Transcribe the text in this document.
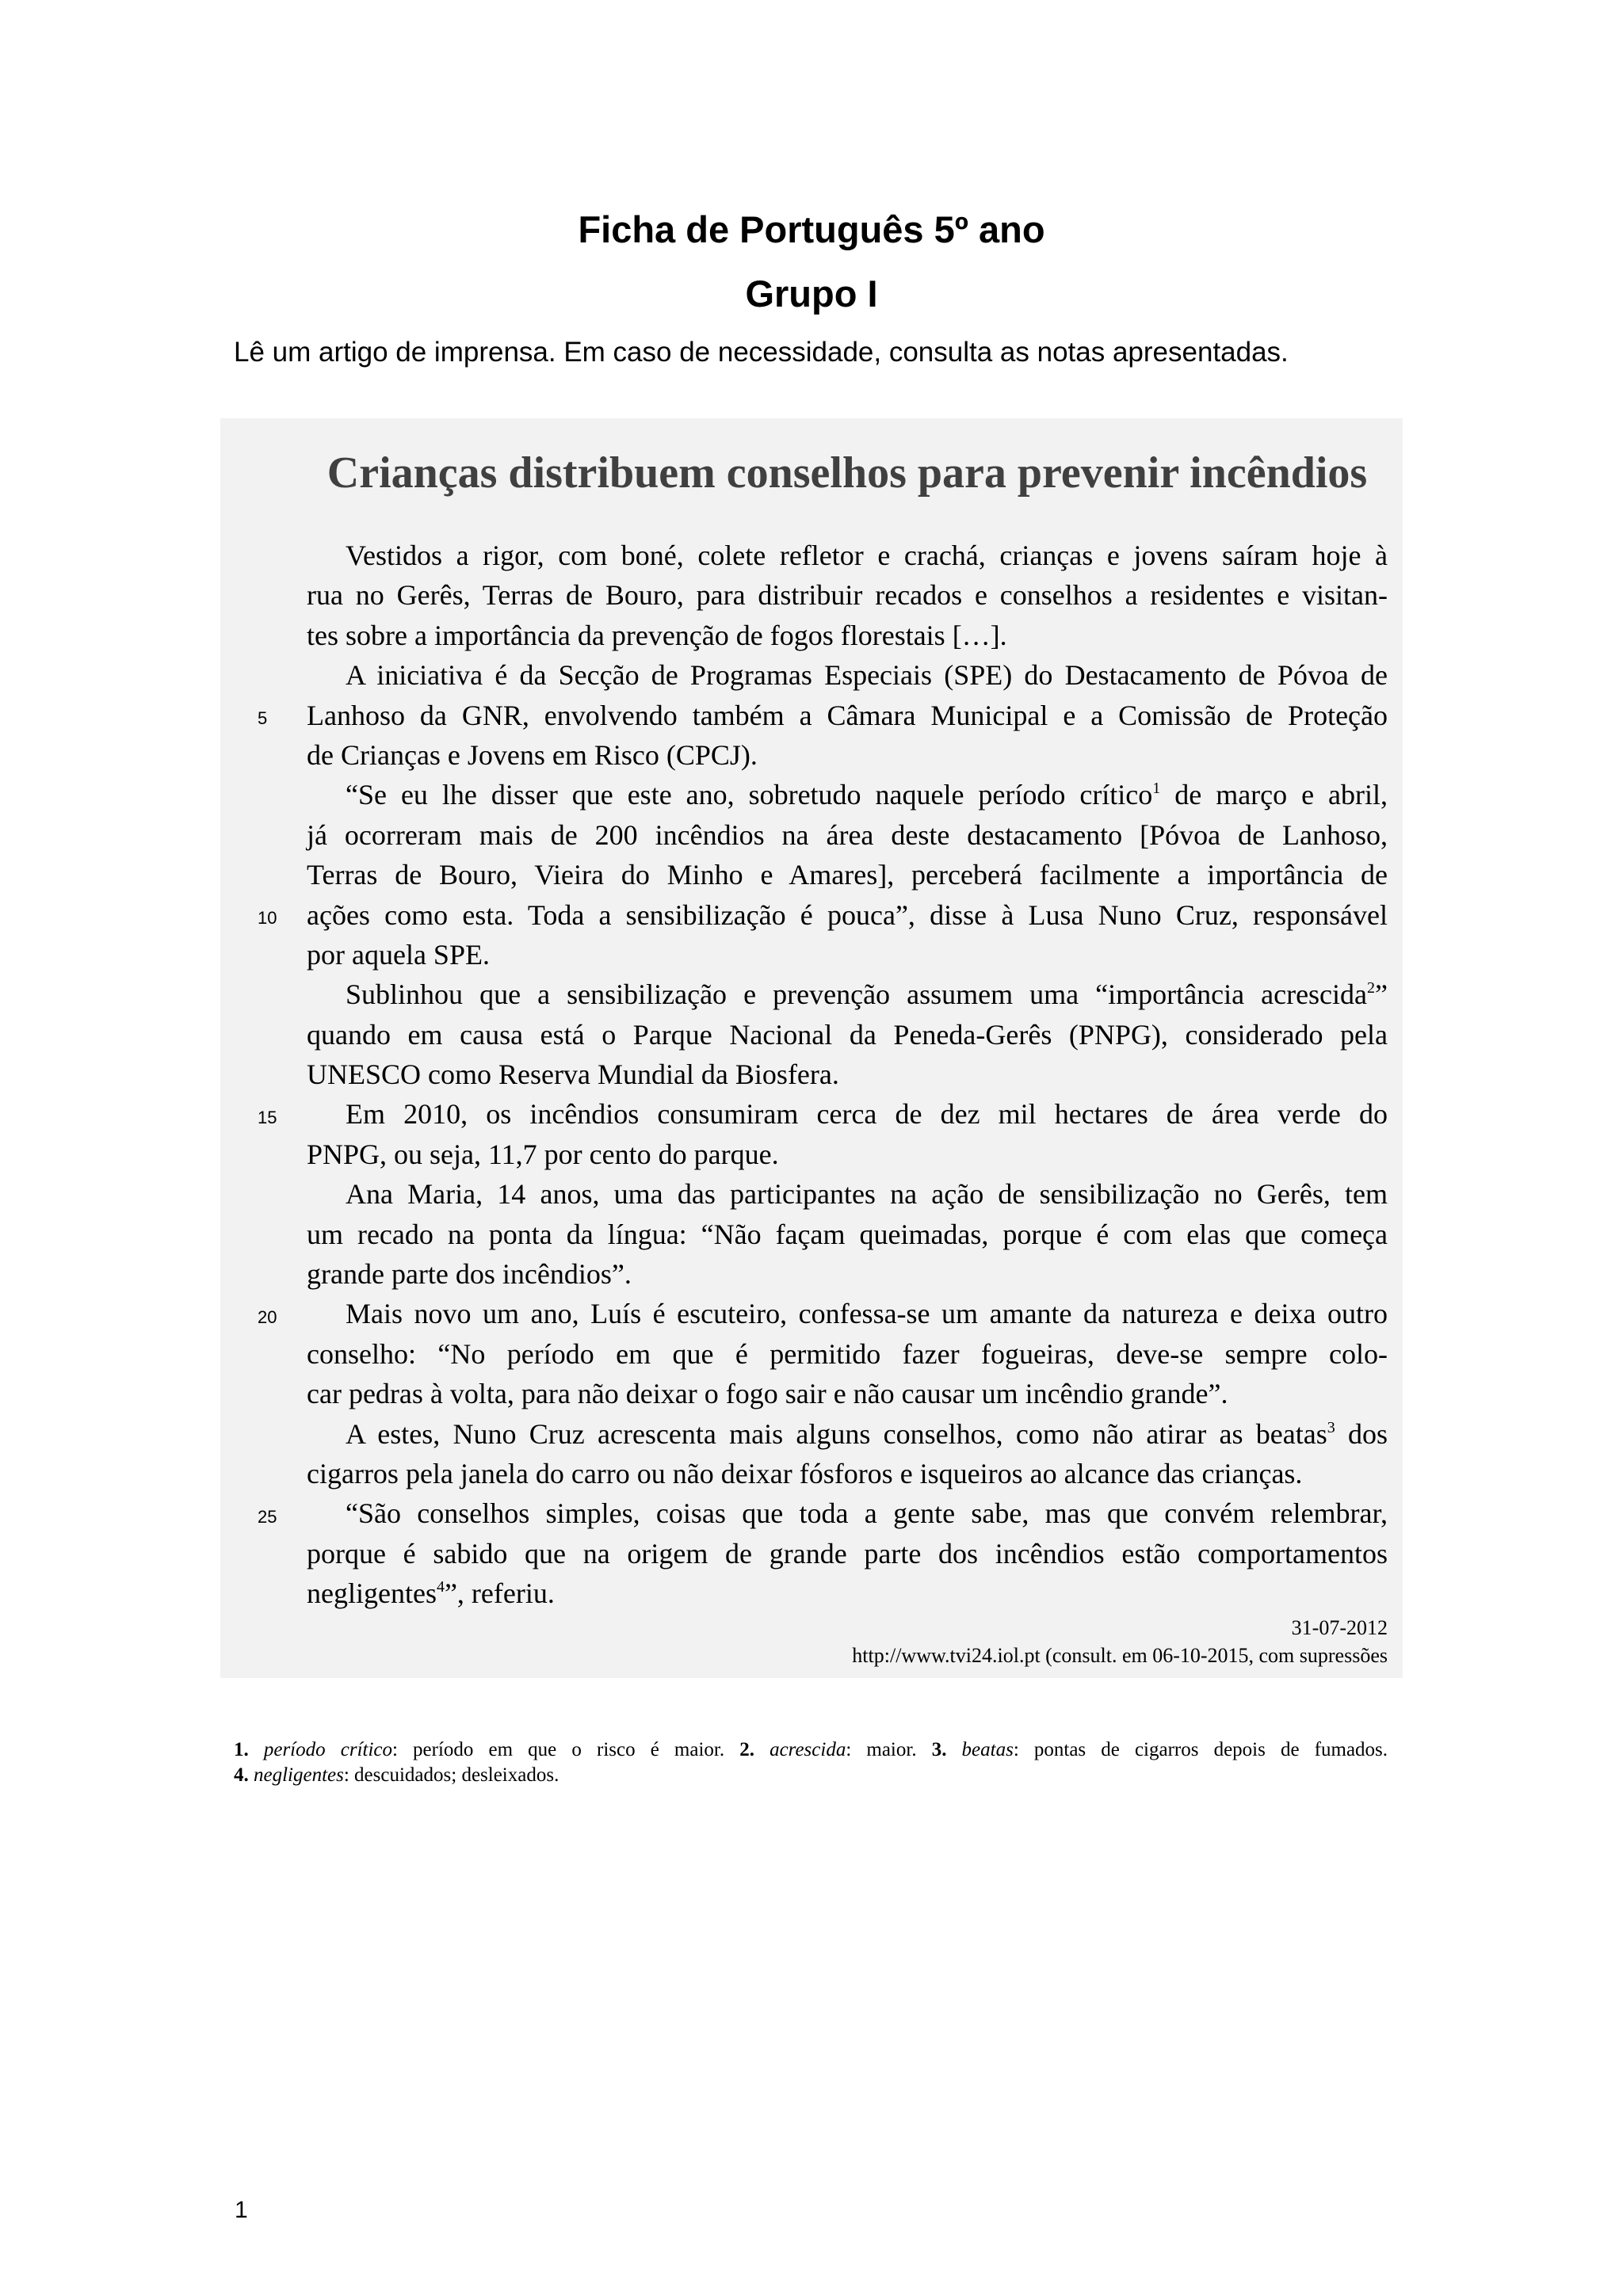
Ficha de Português 5º ano
Grupo I
Lê um artigo de imprensa. Em caso de necessidade, consulta as notas apresentadas.
Crianças distribuem conselhos para prevenir incêndios
Vestidos a rigor, com boné, colete refletor e crachá, crianças e jovens saíram hoje à
rua no Gerês, Terras de Bouro, para distribuir recados e conselhos a residentes e visitan-
tes sobre a importância da prevenção de fogos florestais […].
A iniciativa é da Secção de Programas Especiais (SPE) do Destacamento de Póvoa de
Lanhoso da GNR, envolvendo também a Câmara Municipal e a Comissão de Proteção
de Crianças e Jovens em Risco (CPCJ).
“Se eu lhe disser que este ano, sobretudo naquele período crítico$^1$ de março e abril,
já ocorreram mais de 200 incêndios na área deste destacamento [Póvoa de Lanhoso,
Terras de Bouro, Vieira do Minho e Amares], perceberá facilmente a importância de
ações como esta. Toda a sensibilização é pouca”, disse à Lusa Nuno Cruz, responsável
por aquela SPE.
Sublinhou que a sensibilização e prevenção assumem uma “importância acrescida$^2$”
quando em causa está o Parque Nacional da Peneda-Gerês (PNPG), considerado pela
UNESCO como Reserva Mundial da Biosfera.
Em 2010, os incêndios consumiram cerca de dez mil hectares de área verde do
PNPG, ou seja, 11,7 por cento do parque.
Ana Maria, 14 anos, uma das participantes na ação de sensibilização no Gerês, tem
um recado na ponta da língua: “Não façam queimadas, porque é com elas que começa
grande parte dos incêndios”.
Mais novo um ano, Luís é escuteiro, confessa-se um amante da natureza e deixa outro
conselho: “No período em que é permitido fazer fogueiras, deve-se sempre colo-
car pedras à volta, para não deixar o fogo sair e não causar um incêndio grande”.
A estes, Nuno Cruz acrescenta mais alguns conselhos, como não atirar as beatas$^3$ dos
cigarros pela janela do carro ou não deixar fósforos e isqueiros ao alcance das crianças.
“São conselhos simples, coisas que toda a gente sabe, mas que convém relembrar,
porque é sabido que na origem de grande parte dos incêndios estão comportamentos
negligentes$^4$”, referiu.
5
10
15
20
25
31-07-2012
http://www.tvi24.iol.pt (consult. em 06-10-2015, com supressões
1. período crítico: período em que o risco é maior. 2. acrescida: maior. 3. beatas: pontas de cigarros depois de fumados.
4. negligentes: descuidados; desleixados.
1
